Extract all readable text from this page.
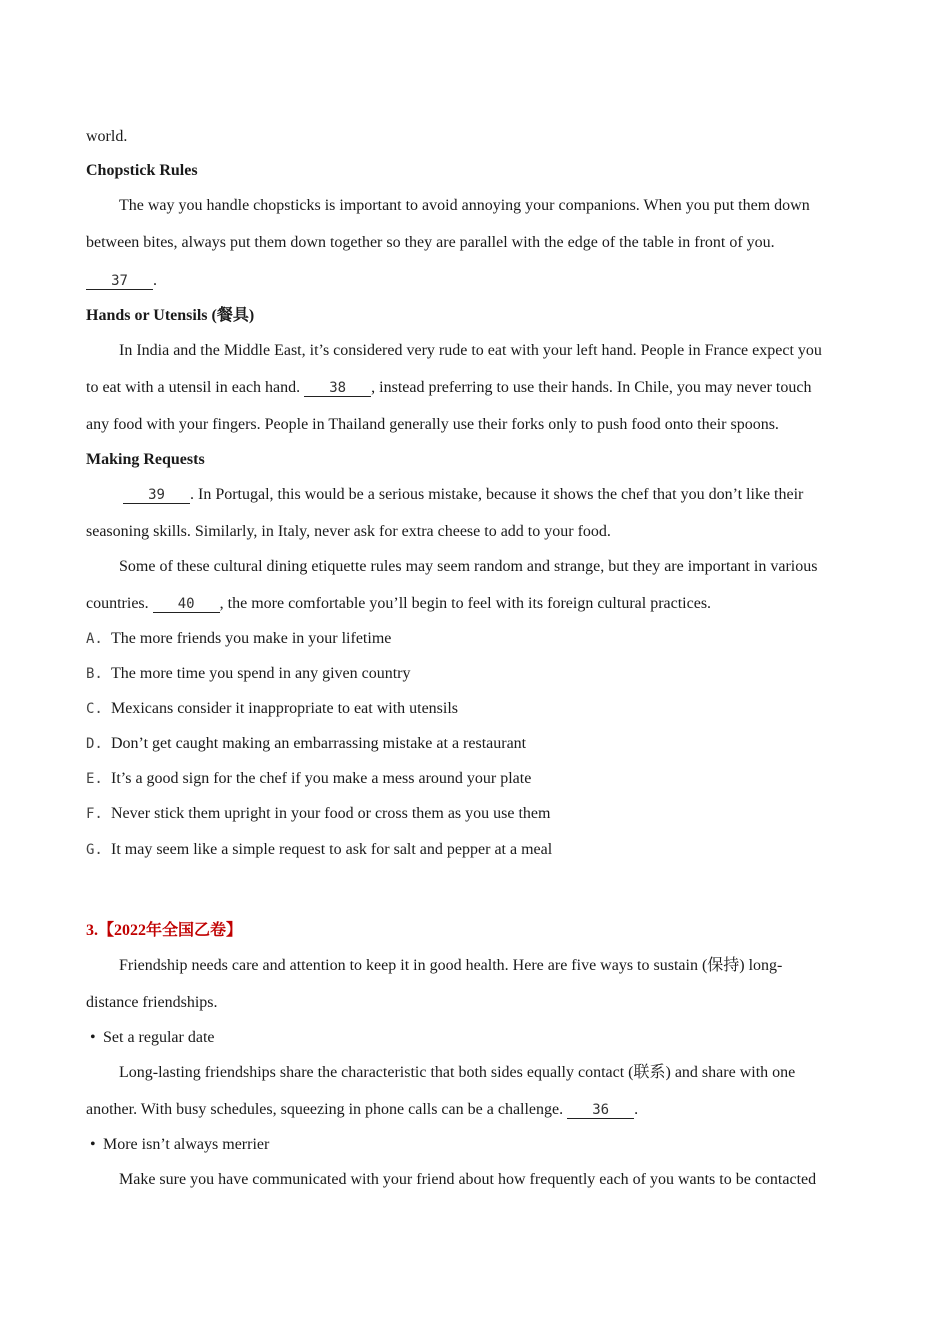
world.
Chopstick Rules
The way you handle chopsticks is important to avoid annoying your companions. When you put them down
between bites, always put them down together so they are parallel with the edge of the table in front of you.
37 .
Hands or Utensils (餐具)
In India and the Middle East, it’s considered very rude to eat with your left hand. People in France expect you
to eat with a utensil in each hand. 38 , instead preferring to use their hands. In Chile, you may never touch
any food with your fingers. People in Thailand generally use their forks only to push food onto their spoons.
Making Requests
39 . In Portugal, this would be a serious mistake, because it shows the chef that you don’t like their
seasoning skills. Similarly, in Italy, never ask for extra cheese to add to your food.
Some of these cultural dining etiquette rules may seem random and strange, but they are important in various
countries. 40 , the more comfortable you’ll begin to feel with its foreign cultural practices.
A. The more friends you make in your lifetime
B. The more time you spend in any given country
C. Mexicans consider it inappropriate to eat with utensils
D. Don’t get caught making an embarrassing mistake at a restaurant
E. It’s a good sign for the chef if you make a mess around your plate
F. Never stick them upright in your food or cross them as you use them
G. It may seem like a simple request to ask for salt and pepper at a meal
3.【2022年全国乙卷】
Friendship needs care and attention to keep it in good health. Here are five ways to sustain (保持) long-
distance friendships.
• Set a regular date
Long-lasting friendships share the characteristic that both sides equally contact (联系) and share with one
another. With busy schedules, squeezing in phone calls can be a challenge. 36 .
• More isn’t always merrier
Make sure you have communicated with your friend about how frequently each of you wants to be contacted
